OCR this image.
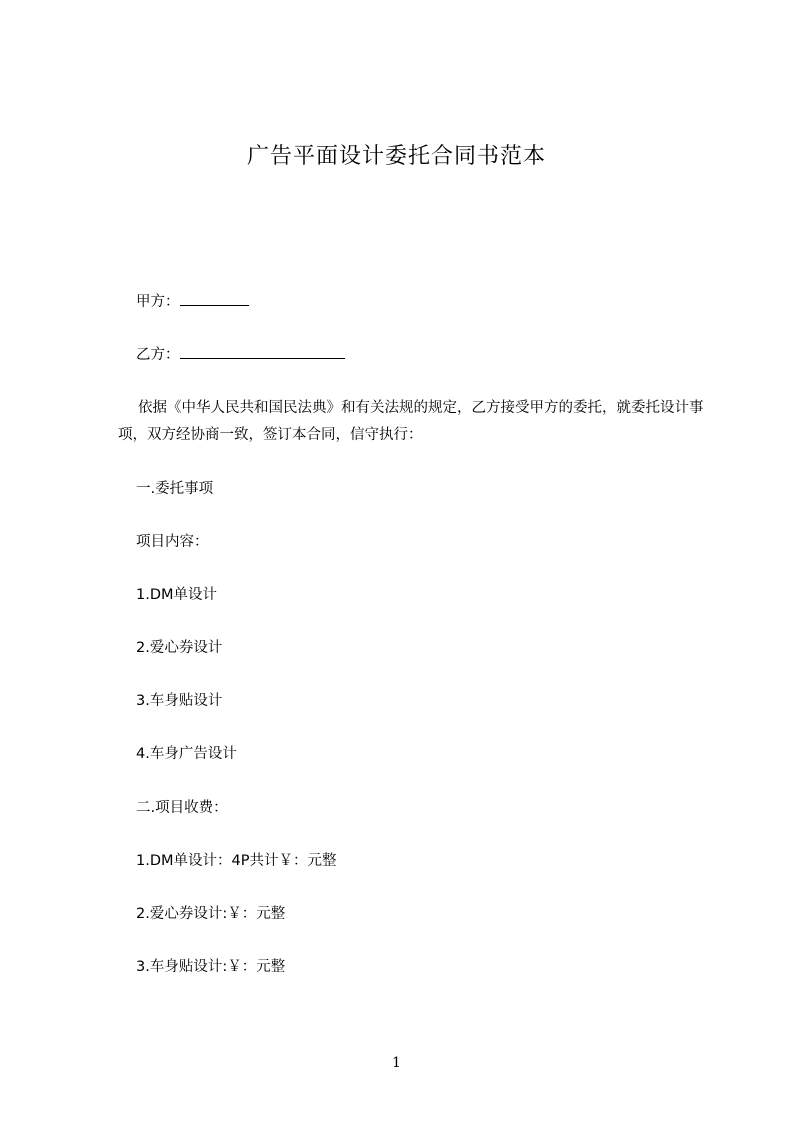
广告平面设计委托合同书范本
甲方：
乙方：
依据《中华人民共和国民法典》和有关法规的规定，乙方接受甲方的委托，就委托设计事项，双方经协商一致，签订本合同，信守执行：
一.委托事项
项目内容：
1.DM单设计
2.爱心券设计
3.车身贴设计
4.车身广告设计
二.项目收费：
1.DM单设计：4P共计￥：元整
2.爱心券设计:￥：元整
3.车身贴设计:￥：元整
1
